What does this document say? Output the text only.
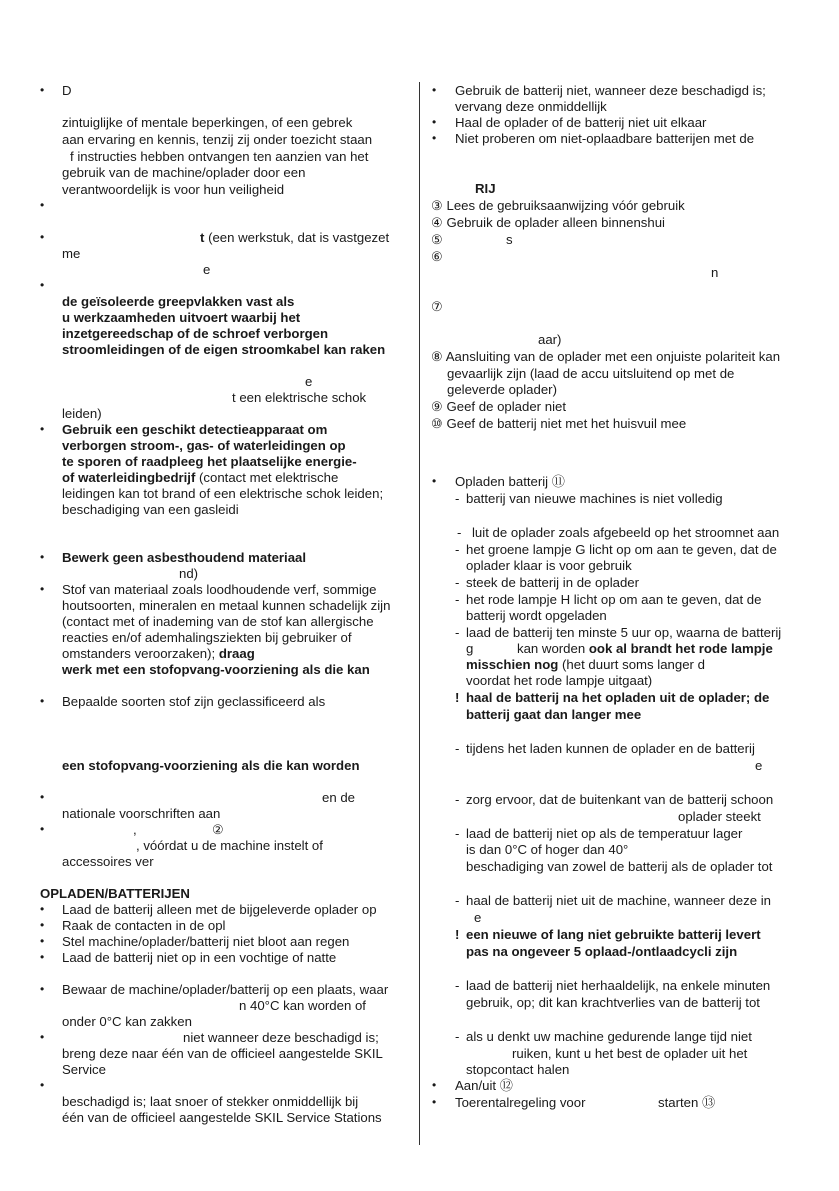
• D
zintuiglijke of mentale beperkingen, of een gebrek
aan ervaring en kennis, tenzij zij onder toezicht staan
f instructies hebben ontvangen ten aanzien van het
gebruik van de machine/oplader door een
verantwoordelijk is voor hun veiligheid
•
•	t (een werkstuk, dat is vastgezet
me
e
•
de geïsoleerde greepvlakken vast als
u werkzaamheden uitvoert waarbij het
inzetgereedschap of de schroef verborgen
stroomleidingen of de eigen stroomkabel kan raken
e
t een elektrische schok
leiden)
• Gebruik een geschikt detectieapparaat om
verborgen stroom-, gas- of waterleidingen op
te sporen of raadpleeg het plaatselijke energie-
of waterleidingbedrijf (contact met elektrische
leidingen kan tot brand of een elektrische schok leiden;
beschadiging van een gasleidi
• Bewerk geen asbesthoudend materiaal
nd)
• Stof van materiaal zoals loodhoudende verf, sommige
houtsoorten, mineralen en metaal kunnen schadelijk zijn
(contact met of inademing van de stof kan allergische
reacties en/of ademhalingsziekten bij gebruiker of
omstanders veroorzaken); draag
werk met een stofopvang-voorziening als die kan
• Bepaalde soorten stof zijn geclassificeerd als
een stofopvang-voorziening als die kan worden
•	en de
nationale voorschriften aan
•	,	②
, vóórdat u de machine instelt of
accessoires ver
OPLADEN/BATTERIJEN
• Laad de batterij alleen met de bijgeleverde oplader op
• Raak de contacten in de opl
• Stel machine/oplader/batterij niet bloot aan regen
• Laad de batterij niet op in een vochtige of natte
• Bewaar de machine/oplader/batterij op een plaats, waar
n 40°C kan worden of
onder 0°C kan zakken
•	niet wanneer deze beschadigd is;
breng deze naar één van de officieel aangestelde SKIL
Service
•
beschadigd is; laat snoer of stekker onmiddellijk bij
één van de officieel aangestelde SKIL Service Stations
• Gebruik de batterij niet, wanneer deze beschadigd is;
vervang deze onmiddellijk
• Haal de oplader of de batterij niet uit elkaar
• Niet proberen om niet-oplaadbare batterijen met de
RIJ
③ Lees de gebruiksaanwijzing vóór gebruik
④ Gebruik de oplader alleen binnenshui
⑤	s
⑥
n
⑦
aar)
⑧ Aansluiting van de oplader met een onjuiste polariteit kan
gevaarlijk zijn (laad de accu uitsluitend op met de
geleverde oplader)
⑨ Geef de oplader niet
⑩ Geef de batterij niet met het huisvuil mee
• Opladen batterij ⑪
- batterij van nieuwe machines is niet volledig
- luit de oplader zoals afgebeeld op het stroomnet aan
- het groene lampje G licht op om aan te geven, dat de
oplader klaar is voor gebruik
- steek de batterij in de oplader
- het rode lampje H licht op om aan te geven, dat de
batterij wordt opgeladen
- laad de batterij ten minste 5 uur op, waarna de batterij
g	kan worden ook al brandt het rode lampje
misschien nog (het duurt soms langer d
voordat het rode lampje uitgaat)
! haal de batterij na het opladen uit de oplader; de
batterij gaat dan langer mee
- tijdens het laden kunnen de oplader en de batterij
e
- zorg ervoor, dat de buitenkant van de batterij schoon
oplader steekt
- laad de batterij niet op als de temperatuur lager
is dan 0°C of hoger dan 40°
beschadiging van zowel de batterij als de oplader tot
- haal de batterij niet uit de machine, wanneer deze in
e
! een nieuwe of lang niet gebruikte batterij levert
pas na ongeveer 5 oplaad-/ontlaadcycli zijn
- laad de batterij niet herhaaldelijk, na enkele minuten
gebruik, op; dit kan krachtverlies van de batterij tot
- als u denkt uw machine gedurende lange tijd niet
ruiken, kunt u het best de oplader uit het
stopcontact halen
• Aan/uit ⑫
• Toerentalregeling voor	starten ⑬
